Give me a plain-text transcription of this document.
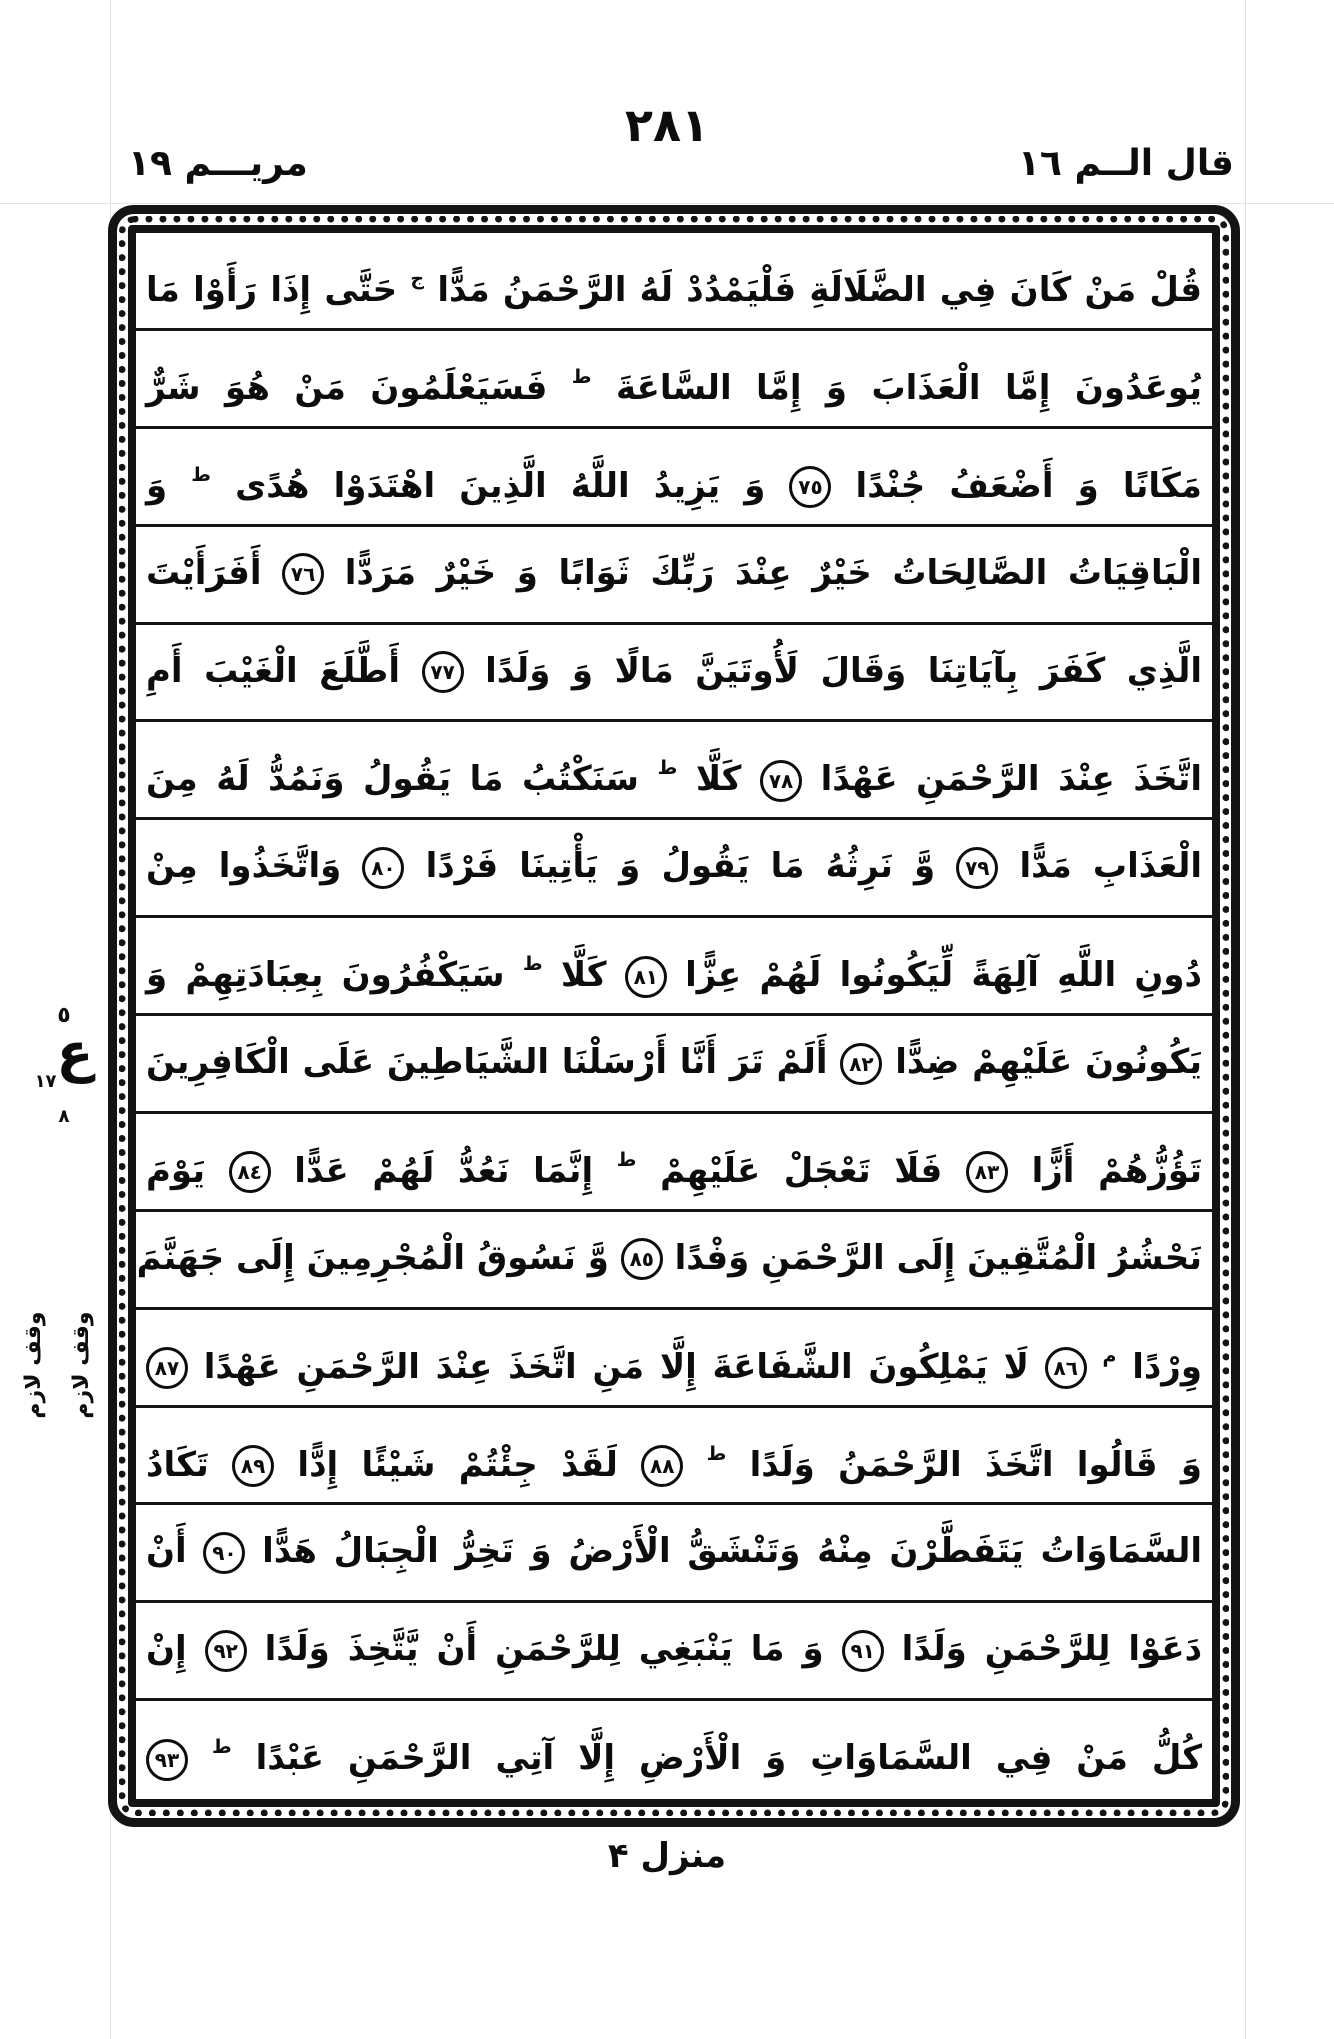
مريـــم ١٩
٢٨١
قال الــم ١٦
٥
ع$_{١٧}$
٨
وقف لازم وقف لازم
قُلْ مَنْ كَانَ فِي الضَّلَالَةِ فَلْيَمْدُدْ لَهُ الرَّحْمَنُ مَدًّا $^ج$ حَتَّى إِذَا رَأَوْا مَا
يُوعَدُونَ إِمَّا الْعَذَابَ وَ إِمَّا السَّاعَةَ $^ط$ فَسَيَعْلَمُونَ مَنْ هُوَ شَرٌّ
مَكَانًا وَ أَضْعَفُ جُنْدًا ٧٥ وَ يَزِيدُ اللَّهُ الَّذِينَ اهْتَدَوْا هُدًى $^ط$ وَ
الْبَاقِيَاتُ الصَّالِحَاتُ خَيْرٌ عِنْدَ رَبِّكَ ثَوَابًا وَ خَيْرٌ مَرَدًّا ٧٦ أَفَرَأَيْتَ
الَّذِي كَفَرَ بِآيَاتِنَا وَقَالَ لَأُوتَيَنَّ مَالًا وَ وَلَدًا ٧٧ أَطَّلَعَ الْغَيْبَ أَمِ
اتَّخَذَ عِنْدَ الرَّحْمَنِ عَهْدًا ٧٨ كَلَّا $^ط$ سَنَكْتُبُ مَا يَقُولُ وَنَمُدُّ لَهُ مِنَ
الْعَذَابِ مَدًّا ٧٩ وَّ نَرِثُهُ مَا يَقُولُ وَ يَأْتِينَا فَرْدًا ٨٠ وَاتَّخَذُوا مِنْ
دُونِ اللَّهِ آلِهَةً لِّيَكُونُوا لَهُمْ عِزًّا ٨١ كَلَّا $^ط$ سَيَكْفُرُونَ بِعِبَادَتِهِمْ وَ
يَكُونُونَ عَلَيْهِمْ ضِدًّا ٨٢ أَلَمْ تَرَ أَنَّا أَرْسَلْنَا الشَّيَاطِينَ عَلَى الْكَافِرِينَ
تَؤُزُّهُمْ أَزًّا ٨٣ فَلَا تَعْجَلْ عَلَيْهِمْ $^ط$ إِنَّمَا نَعُدُّ لَهُمْ عَدًّا ٨٤ يَوْمَ
نَحْشُرُ الْمُتَّقِينَ إِلَى الرَّحْمَنِ وَفْدًا ٨٥ وَّ نَسُوقُ الْمُجْرِمِينَ إِلَى جَهَنَّمَ
وِرْدًا $^م$ ٨٦ لَا يَمْلِكُونَ الشَّفَاعَةَ إِلَّا مَنِ اتَّخَذَ عِنْدَ الرَّحْمَنِ عَهْدًا ٨٧
وَ قَالُوا اتَّخَذَ الرَّحْمَنُ وَلَدًا $^ط$ ٨٨ لَقَدْ جِئْتُمْ شَيْئًا إِدًّا ٨٩ تَكَادُ
السَّمَاوَاتُ يَتَفَطَّرْنَ مِنْهُ وَتَنْشَقُّ الْأَرْضُ وَ تَخِرُّ الْجِبَالُ هَدًّا ٩٠ أَنْ
دَعَوْا لِلرَّحْمَنِ وَلَدًا ٩١ وَ مَا يَنْبَغِي لِلرَّحْمَنِ أَنْ يَّتَّخِذَ وَلَدًا ٩٢ إِنْ
كُلُّ مَنْ فِي السَّمَاوَاتِ وَ الْأَرْضِ إِلَّا آتِي الرَّحْمَنِ عَبْدًا $^ط$ ٩٣
منزل ۴
